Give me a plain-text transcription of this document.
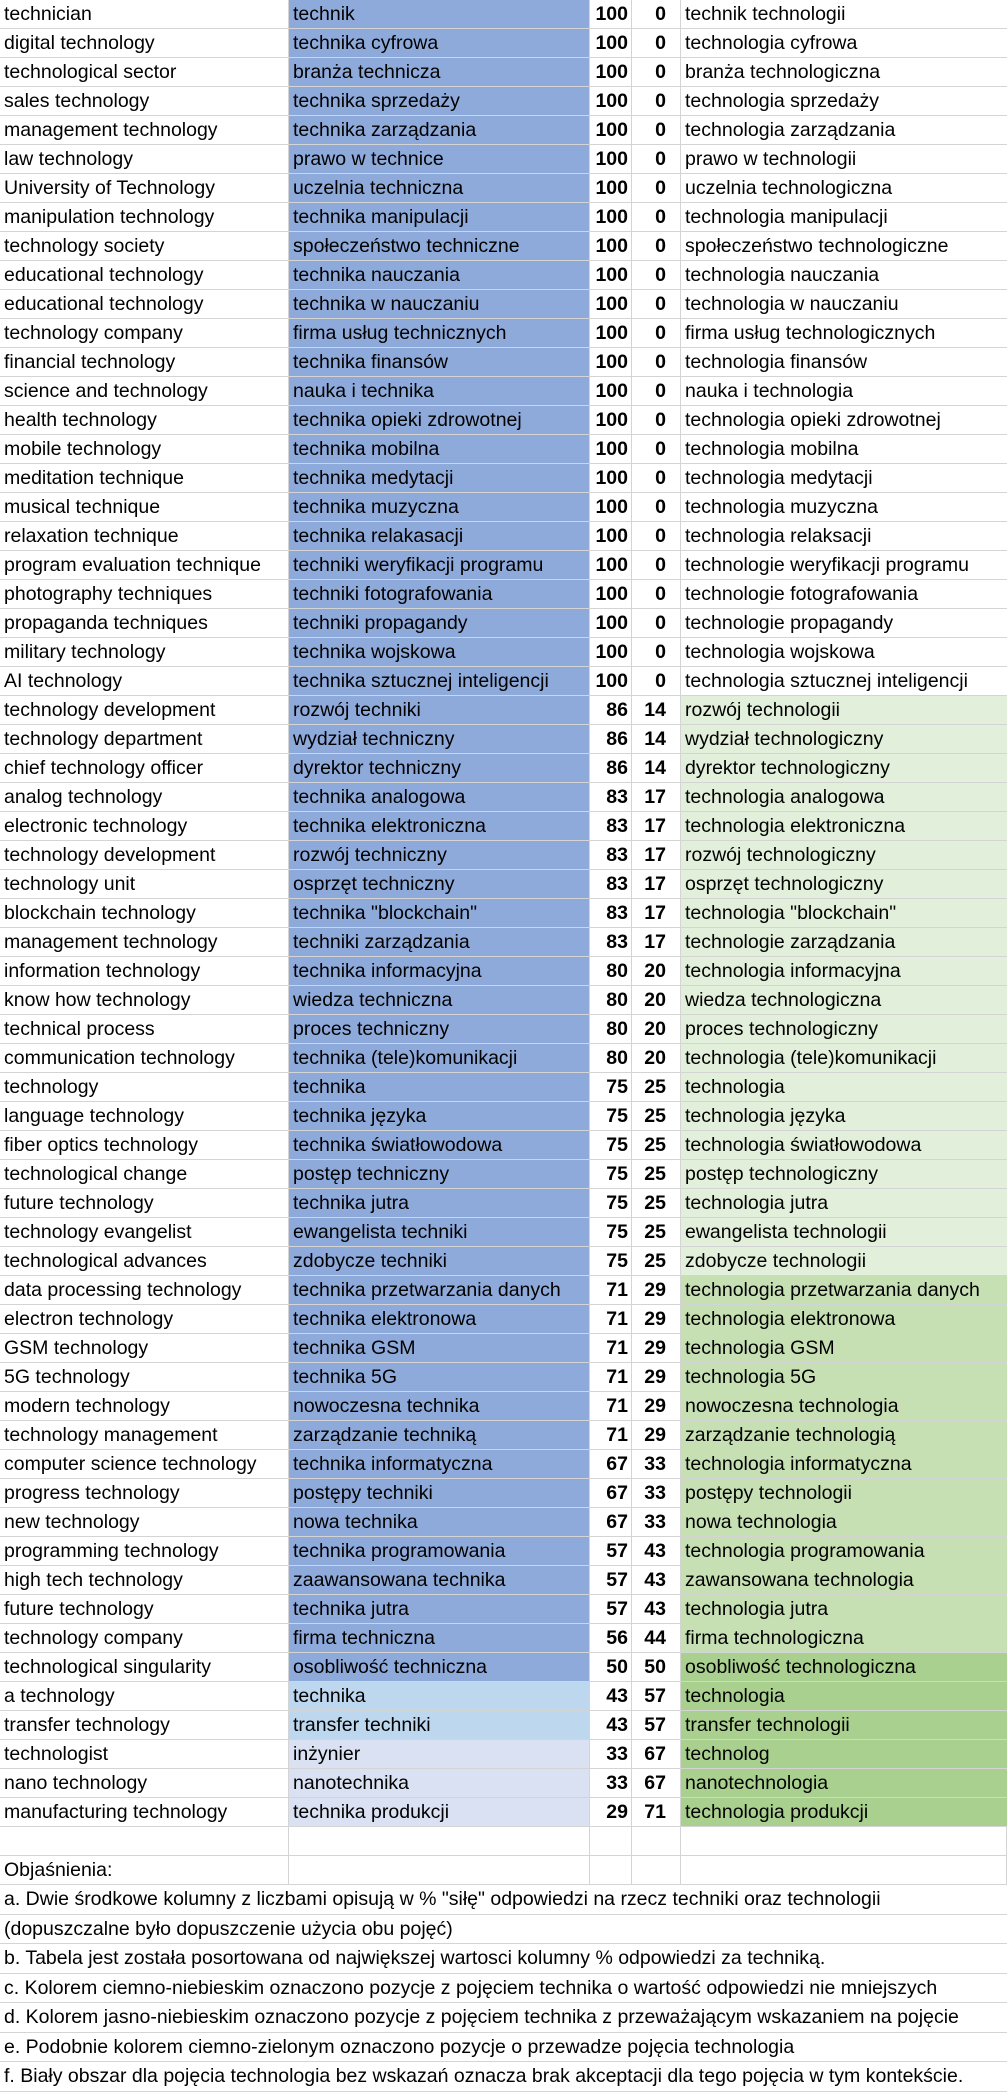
technician	technik	100	0 technik technologii
digital technology	technika cyfrowa	100	0 technologia cyfrowa
technological sector	branża technicza	100	0 branża technologiczna
sales technology	technika sprzedaży	100	0 technologia sprzedaży
management technology	technika zarządzania	100	0 technologia zarządzania
law technology	prawo w technice	100	0 prawo w technologii
University of Technology	uczelnia techniczna	100	0 uczelnia technologiczna
manipulation technology	technika manipulacji	100	0 technologia manipulacji
technology society	społeczeństwo techniczne	100	0 społeczeństwo technologiczne
educational technology	technika nauczania	100	0 technologia nauczania
educational technology	technika w nauczaniu	100	0 technologia w nauczaniu
technology company	firma usług technicznych	100	0 firma usług technologicznych
financial technology	technika finansów	100	0 technologia finansów
science and technology	nauka i technika	100	0 nauka i technologia
health technology	technika opieki zdrowotnej	100	0 technologia opieki zdrowotnej
mobile technology	technika mobilna	100	0 technologia mobilna
meditation technique	technika medytacji	100	0 technologia medytacji
musical technique	technika muzyczna	100	0 technologia muzyczna
relaxation technique	technika relakasacji	100	0 technologia relaksacji
program evaluation technique	techniki weryfikacji programu	100	0 technologie weryfikacji programu
photography techniques	techniki fotografowania	100	0 technologie fotografowania
propaganda techniques	techniki propagandy	100	0 technologie propagandy
military technology	technika wojskowa	100	0 technologia wojskowa
AI technology	technika sztucznej inteligencji	100	0 technologia sztucznej inteligencji
technology development	rozwój techniki	86 14 rozwój technologii
technology department	wydział techniczny	86 14 wydział technologiczny
chief technology officer	dyrektor techniczny	86 14 dyrektor technologiczny
analog technology	technika analogowa	83 17 technologia analogowa
electronic technology	technika elektroniczna	83 17 technologia elektroniczna
technology development	rozwój techniczny	83 17 rozwój technologiczny
technology unit	osprzęt techniczny	83 17 osprzęt technologiczny
blockchain technology	technika "blockchain"	83 17 technologia "blockchain"
management technology	techniki zarządzania	83 17 technologie zarządzania
information technology	technika informacyjna	80 20 technologia informacyjna
know how technology	wiedza techniczna	80 20 wiedza technologiczna
technical process	proces techniczny	80 20 proces technologiczny
communication technology	technika (tele)komunikacji	80 20 technologia (tele)komunikacji
technology	technika	75 25 technologia
language technology	technika języka	75 25 technologia języka
fiber optics technology	technika światłowodowa	75 25 technologia światłowodowa
technological change	postęp techniczny	75 25 postęp technologiczny
future technology	technika jutra	75 25 technologia jutra
technology evangelist	ewangelista techniki	75 25 ewangelista technologii
technological advances	zdobycze techniki	75 25 zdobycze technologii
data processing technology	technika przetwarzania danych	71 29 technologia przetwarzania danych
electron technology	technika elektronowa	71 29 technologia elektronowa
GSM technology	technika GSM	71 29 technologia GSM
5G technology	technika 5G	71 29 technologia 5G
modern technology	nowoczesna technika	71 29 nowoczesna technologia
technology management	zarządzanie techniką	71 29 zarządzanie technologią
computer science technology	technika informatyczna	67 33 technologia informatyczna
progress technology	postępy techniki	67 33 postępy technologii
new technology	nowa technika	67 33 nowa technologia
programming technology	technika programowania	57 43 technologia programowania
high tech technology	zaawansowana technika	57 43 zawansowana technologia
future technology	technika jutra	57 43 technologia jutra
technology company	firma techniczna	56 44 firma technologiczna
technological singularity	osobliwość techniczna	50 50 osobliwość technologiczna
a technology	technika	43 57 technologia
transfer technology	transfer techniki	43 57 transfer technologii
technologist	inżynier	33 67 technolog
nano technology	nanotechnika	33 67 nanotechnologia
manufacturing technology	technika produkcji	29 71 technologia produkcji
Objaśnienia:
a. Dwie środkowe kolumny z liczbami opisują w % "siłę" odpowiedzi na rzecz techniki oraz technologii
(dopuszczalne było dopuszczenie użycia obu pojęć)
b. Tabela jest została posortowana od największej wartosci kolumny % odpowiedzi za techniką.
c. Kolorem ciemno-niebieskim oznaczono pozycje z pojęciem technika o wartość odpowiedzi nie mniejszych
d. Kolorem jasno-niebieskim oznaczono pozycje z pojęciem technika z przeważającym wskazaniem na pojęcie
e. Podobnie kolorem ciemno-zielonym oznaczono pozycje o przewadze pojęcia technologia
f. Biały obszar dla pojęcia technologia bez wskazań oznacza brak akceptacji dla tego pojęcia w tym kontekście.
